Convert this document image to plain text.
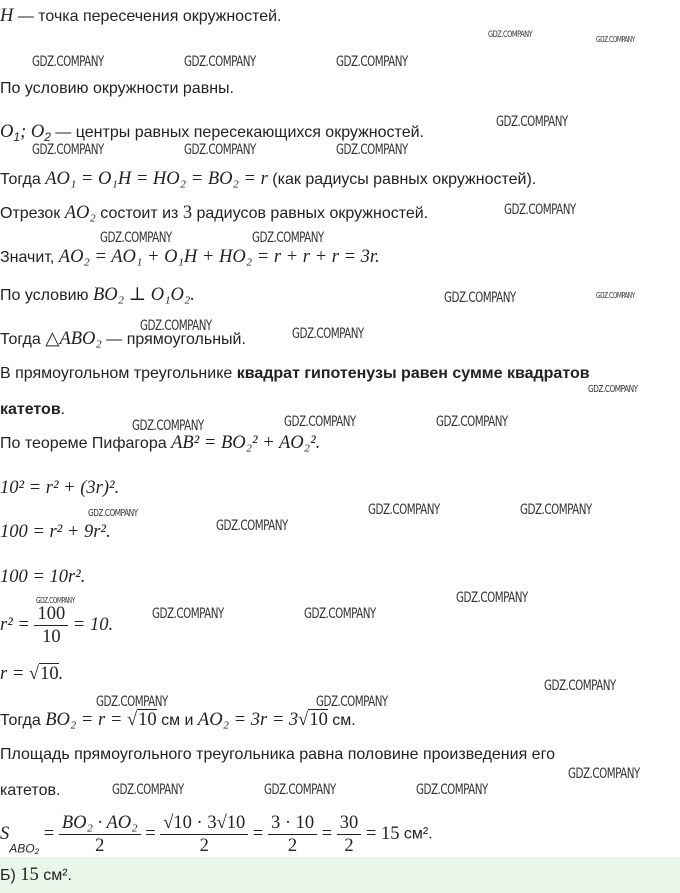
GDZ.COMPANY	GDZ.COMPANY
GDZ.COMPANY	GDZ.COMPANY	GDZ.COMPANY
GDZ.COMPANY
GDZ.COMPANY	GDZ.COMPANY	GDZ.COMPANY
GDZ.COMPANY
GDZ.COMPANY	GDZ.COMPANY
GDZ.COMPANY	GDZ.COMPANY
GDZ.COMPANY	GDZ.COMPANY
GDZ.COMPANY
GDZ.COMPANY	GDZ.COMPANY	GDZ.COMPANY
GDZ.COMPANY	GDZ.COMPANY	GDZ.COMPANY
GDZ.COMPANY
GDZ.COMPANY	GDZ.COMPANY
GDZ.COMPANY	GDZ.COMPANY
GDZ.COMPANY
GDZ.COMPANY	GDZ.COMPANY
GDZ.COMPANY
GDZ.COMPANY	GDZ.COMPANY	GDZ.COMPANY
H — точка пересечения окружностей.
По условию окружности равны.
$O_1$; $O_2$ — центры равных пересекающихся окружностей.
Тогда AO₁ = O₁H = HO₂ = BO₂ = r (как радиусы равных окружностей).
Отрезок AO₂ состоит из 3 радиусов равных окружностей.
Значит, AO₂ = AO₁ + O₁H + HO₂ = r + r + r = 3r.
По условию BO₂ ⊥ O₁O₂.
Тогда △ABO₂ — прямоугольный.
В прямоугольном треугольнике квадрат гипотенузы равен сумме квадратов
катетов.
По теореме Пифагора AB² = BO₂² + AO₂².
10² = r² + (3r)².
100 = r² + 9r².
100 = 10r².
$r^2 = \frac{100}{10} = 10$.
r = √10.
Тогда BO₂ = r = √10 см и AO₂ = 3r = 3√10 см.
Площадь прямоугольного треугольника равна половине произведения его
катетов.
$S_{ABO_2} = \frac{\text{BO₂ · AO₂}}{2} = \frac{√10 \cdot 3√10}{2} = \frac{3 \cdot 10}{2} = \frac{30}{2} = 15$ см².
Б) 15 см².
